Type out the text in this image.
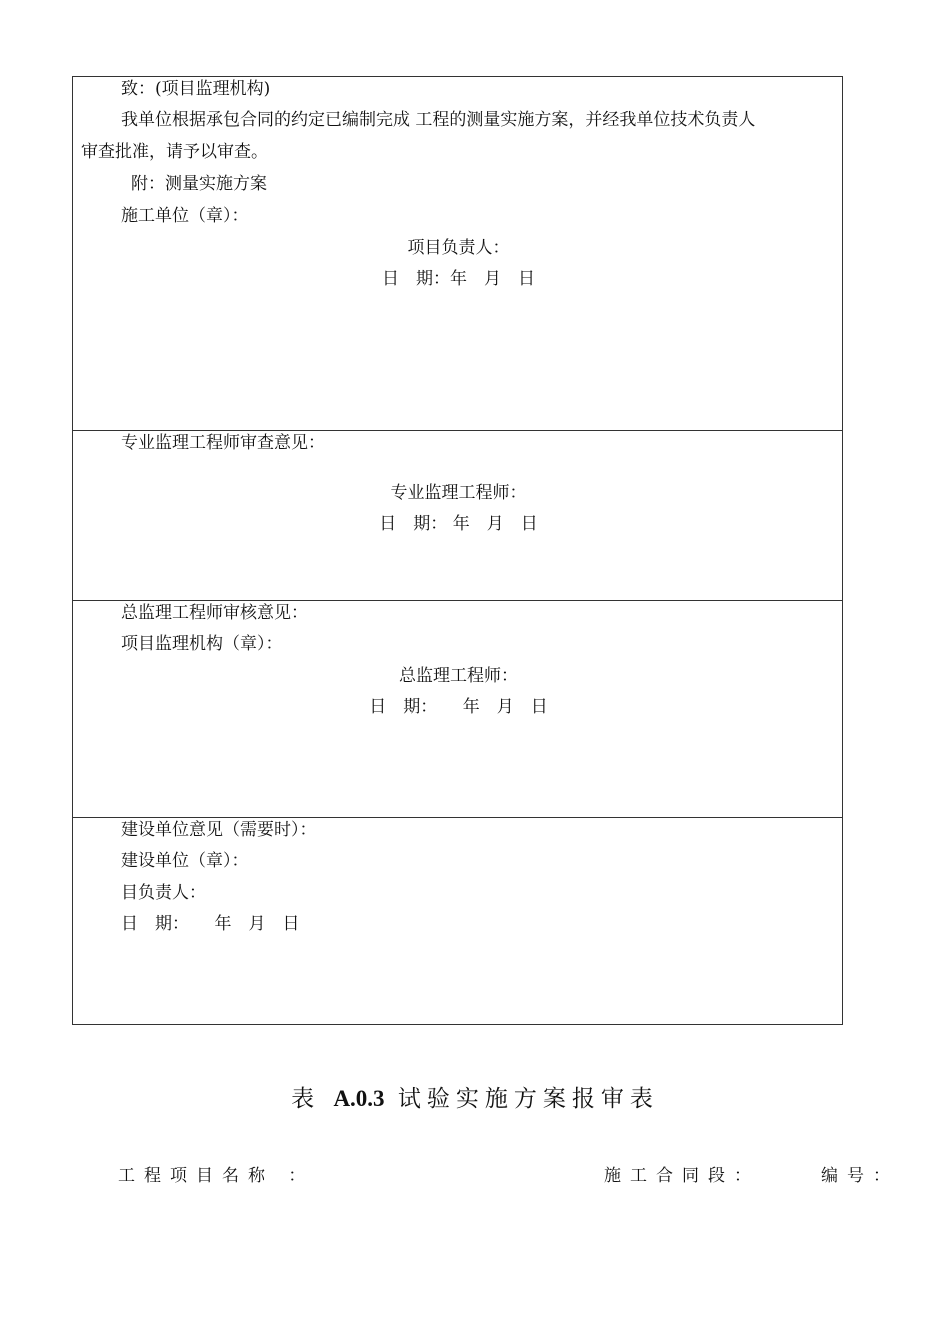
致：(项目监理机构)
我单位根据承包合同的约定已编制完成 工程的测量实施方案，并经我单位技术负责人
审查批准，请予以审查。
附：测量实施方案
施工单位（章）：
项目负责人：
日　期：年　月　日
专业监理工程师审查意见：
专业监理工程师：
日　期： 年　月　日
总监理工程师审核意见：
项目监理机构（章）：
总监理工程师：
日　期：　　年　月　日
建设单位意见（需要时）：
建设单位（章）：
目负责人：
日　期：　　年　月　日
表 A.0.3 试验实施方案报审表
工程项目名称 ：	施工合同段：	编号：
